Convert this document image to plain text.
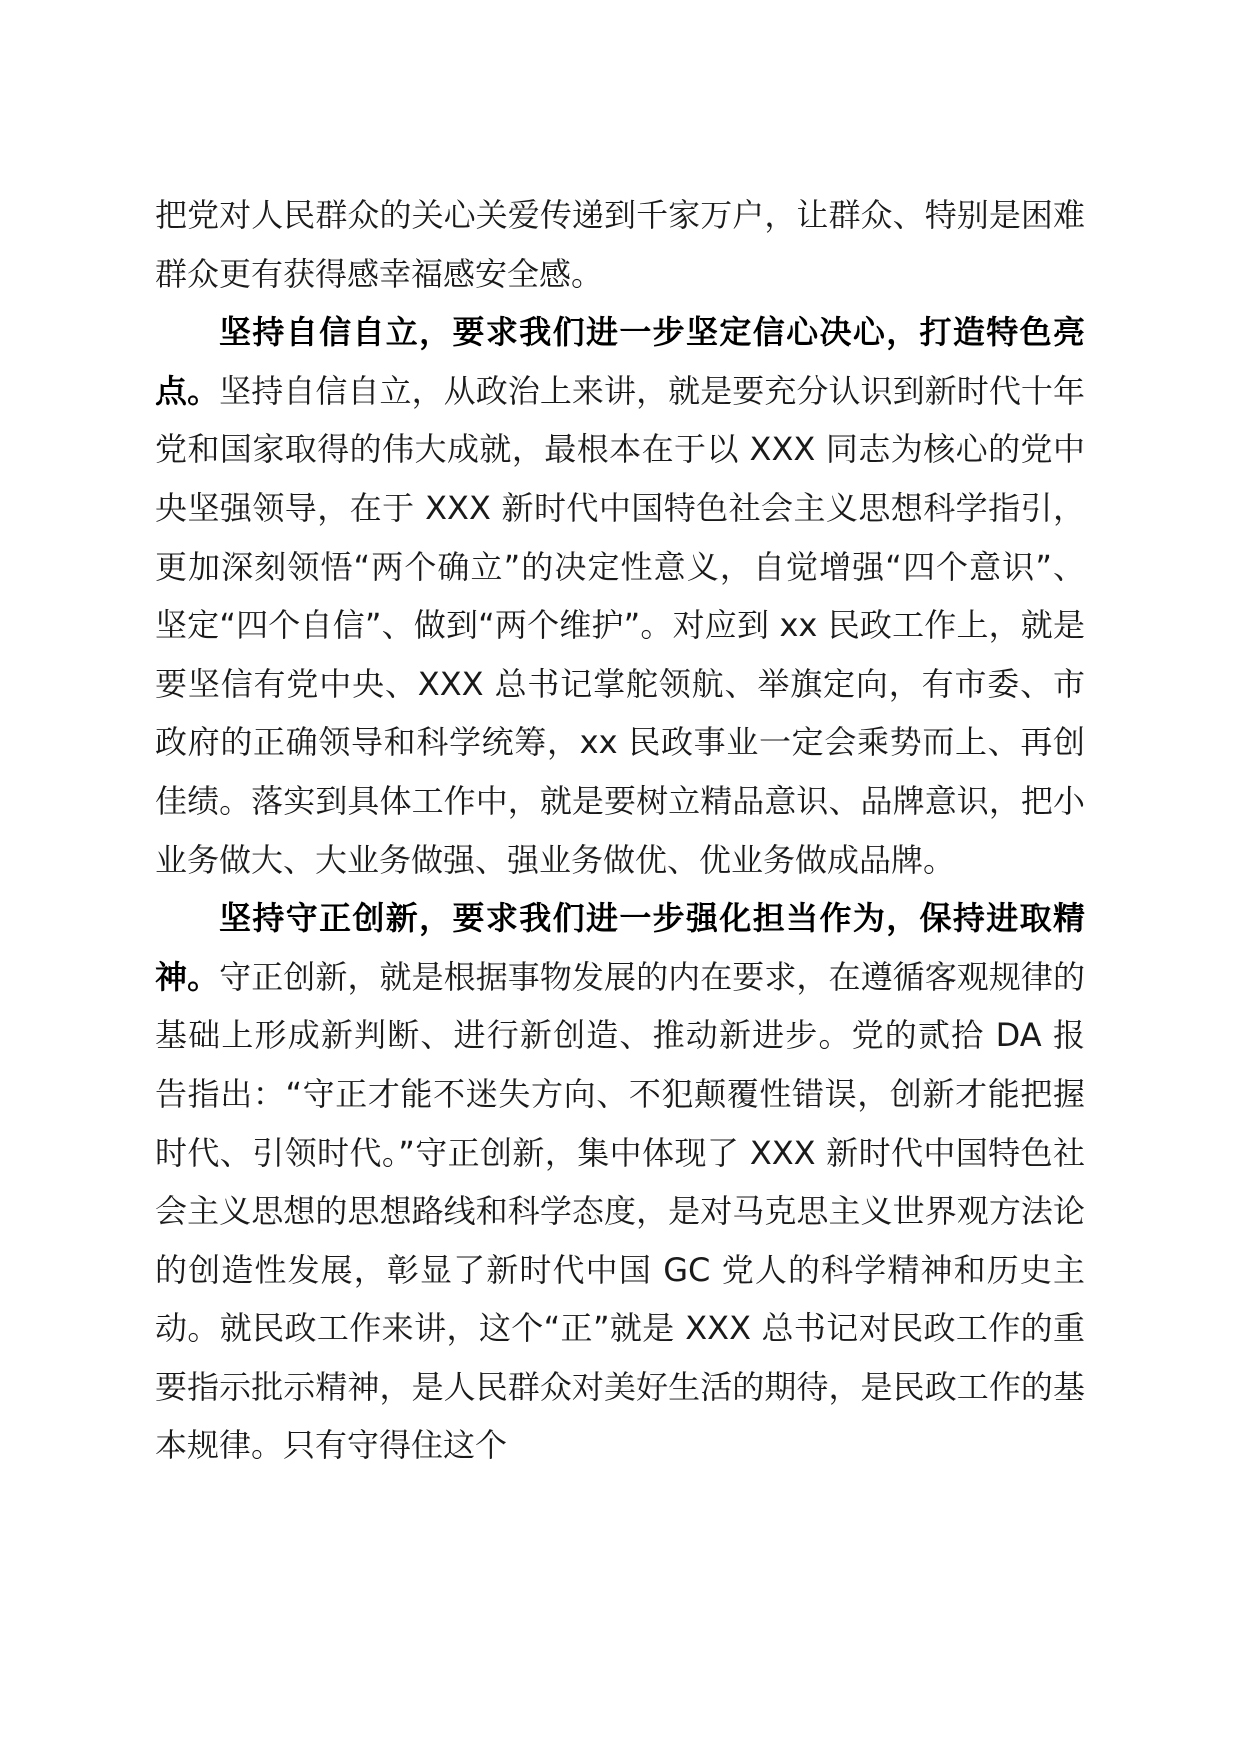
把党对人民群众的关心关爱传递到千家万户，让群众、特别是困难群众更有获得感幸福感安全感。

坚持自信自立，要求我们进一步坚定信心决心，打造特色亮点。坚持自信自立，从政治上来讲，就是要充分认识到新时代十年党和国家取得的伟大成就，最根本在于以 XXX 同志为核心的党中央坚强领导，在于 XXX 新时代中国特色社会主义思想科学指引，更加深刻领悟“两个确立”的决定性意义，自觉增强“四个意识”、坚定“四个自信”、做到“两个维护”。对应到 xx 民政工作上，就是要坚信有党中央、XXX 总书记掌舵领航、举旗定向，有市委、市政府的正确领导和科学统筹，xx 民政事业一定会乘势而上、再创佳绩。落实到具体工作中，就是要树立精品意识、品牌意识，把小业务做大、大业务做强、强业务做优、优业务做成品牌。

坚持守正创新，要求我们进一步强化担当作为，保持进取精神。守正创新，就是根据事物发展的内在要求，在遵循客观规律的基础上形成新判断、进行新创造、推动新进步。党的贰拾 DA 报告指出：“守正才能不迷失方向、不犯颠覆性错误，创新才能把握时代、引领时代。”守正创新，集中体现了 XXX 新时代中国特色社会主义思想的思想路线和科学态度，是对马克思主义世界观方法论的创造性发展，彰显了新时代中国 GC 党人的科学精神和历史主动。就民政工作来讲，这个“正”就是 XXX 总书记对民政工作的重要指示批示精神，是人民群众对美好生活的期待，是民政工作的基本规律。只有守得住这个
